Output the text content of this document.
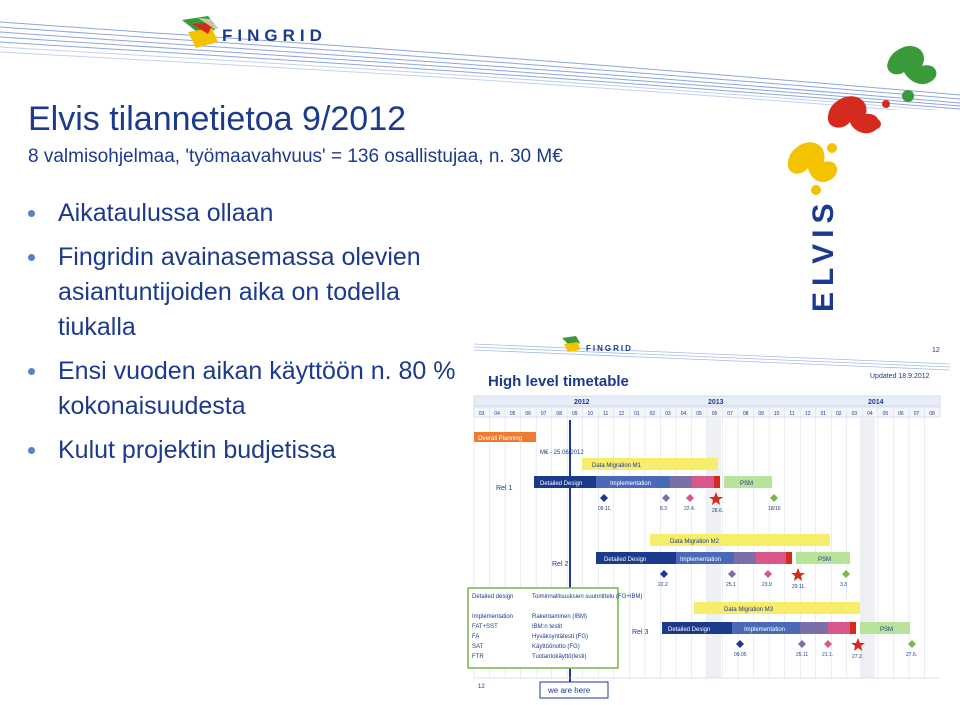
FINGRID
Elvis tilannetietoa 9/2012
8 valmisohjelmaa, 'työmaavahvuus' = 136 osallistujaa, n. 30 M€
Aikataulussa ollaan
Fingridin avainasemassa olevien asiantuntijoiden aika on todella tiukalla
Ensi vuoden aikan käyttöön n. 80 % kokonaisuudesta
Kulut projektin budjetissa
ELVIS
FINGRID	12
High level timetable	Updated 18.9.2012
2012	2013	2014
03 04 05 06 07 08 09 10 11 12 01 02 03 04 05 06 07 08 09 10 11 12 01 02 03 04 05 06 07 08
Overall Planning
M€ - 25.06.2012
Data Migration M1
Rel 1
Detailed Design	Implementation	PSM
09.11.	8.3	22.4.	28.6.	18/10
Data Migration M2
Rel 2
Detailed Design	Implementation	PSM
22.2	25.1	23.9	29.11.	3.3
Data Migration M3
Rel 3	Detailed Design	Implementation	PSM
09.05	25.11	21.1.	27.2.	27.6.
Detailed design	Toiminnallisuuksien suunnittelu (FG+IBM)
Implementation	Rakentaminen (IBM)
FAT+SST	IBM:n testit
FA	Hyväksyntätesti (FG)
SAT	Käyttöönotto (FG)
FTR	Tuotantokäyttö(testi)
12	we are here
